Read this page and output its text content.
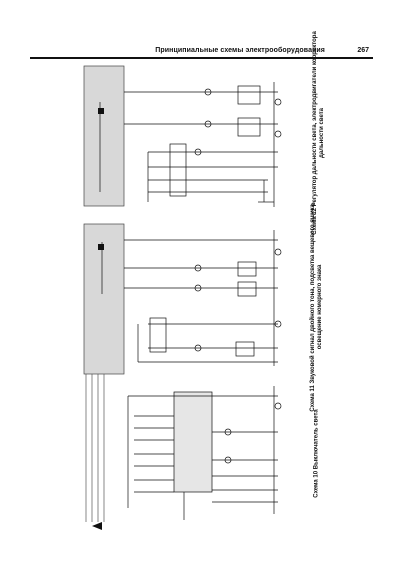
Принципиальные схемы электрооборудования	267
Схема 12 Регулятор дальности света, электродвигатели корректора дальности света
Схема 11 Звуковой сигнал двойного тона, подсветка вещевого ящика, освещение номерного знака
Схема 10 Выключатель света
